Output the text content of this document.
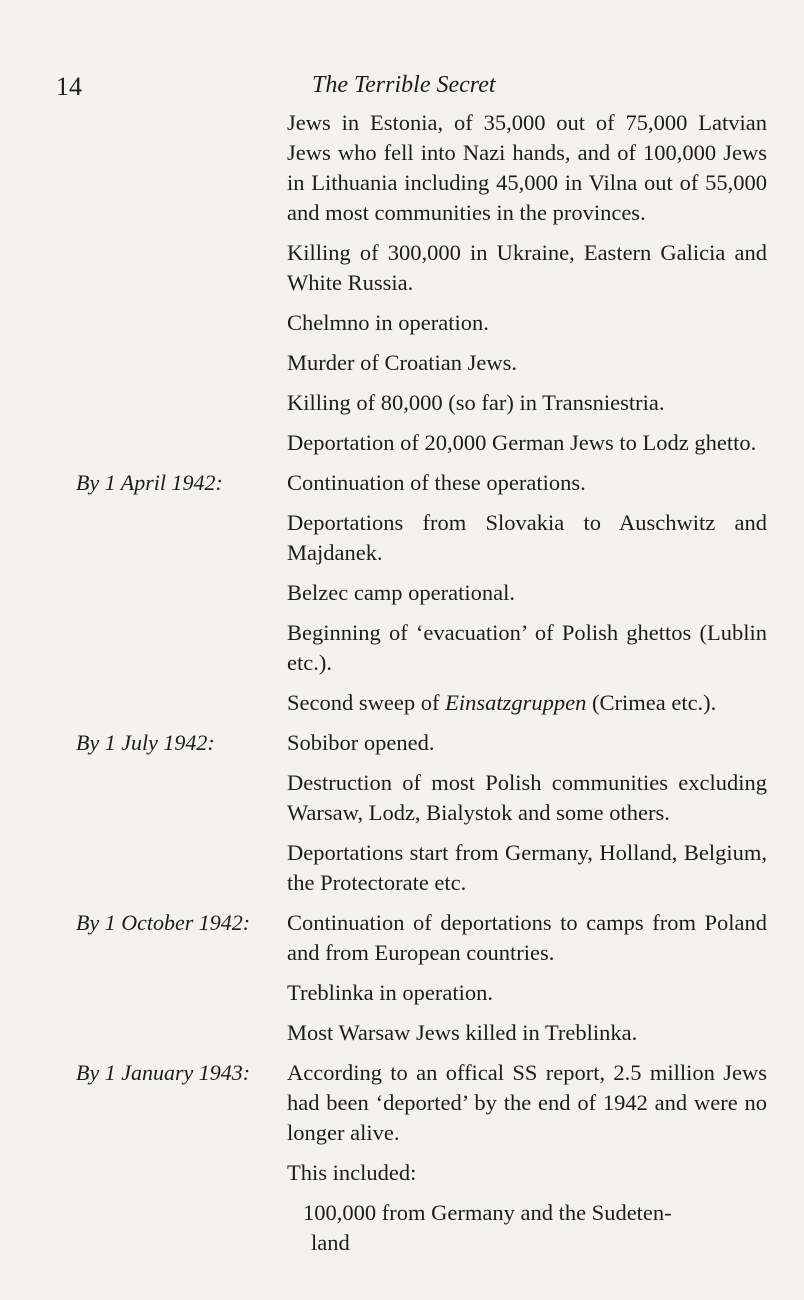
14	The Terrible Secret
Jews in Estonia, of 35,000 out of 75,000 Latvian Jews who fell into Nazi hands, and of 100,000 Jews in Lithuania including 45,000 in Vilna out of 55,000 and most communities in the provinces.
Killing of 300,000 in Ukraine, Eastern Galicia and White Russia.
Chelmno in operation.
Murder of Croatian Jews.
Killing of 80,000 (so far) in Transniestria.
Deportation of 20,000 German Jews to Lodz ghetto.
By 1 April 1942:	Continuation of these operations.
Deportations from Slovakia to Auschwitz and Majdanek.
Belzec camp operational.
Beginning of ‘evacuation’ of Polish ghettos (Lublin etc.).
Second sweep of Einsatzgruppen (Crimea etc.).
By 1 July 1942:	Sobibor opened.
Destruction of most Polish communities excluding Warsaw, Lodz, Bialystok and some others.
Deportations start from Germany, Holland, Belgium, the Protectorate etc.
By 1 October 1942:	Continuation of deportations to camps from Poland and from European countries.
Treblinka in operation.
Most Warsaw Jews killed in Treblinka.
By 1 January 1943:	According to an offical SS report, 2.5 million Jews had been ‘deported’ by the end of 1942 and were no longer alive.
This included:
100,000 from Germany and the Sudeten-
land
